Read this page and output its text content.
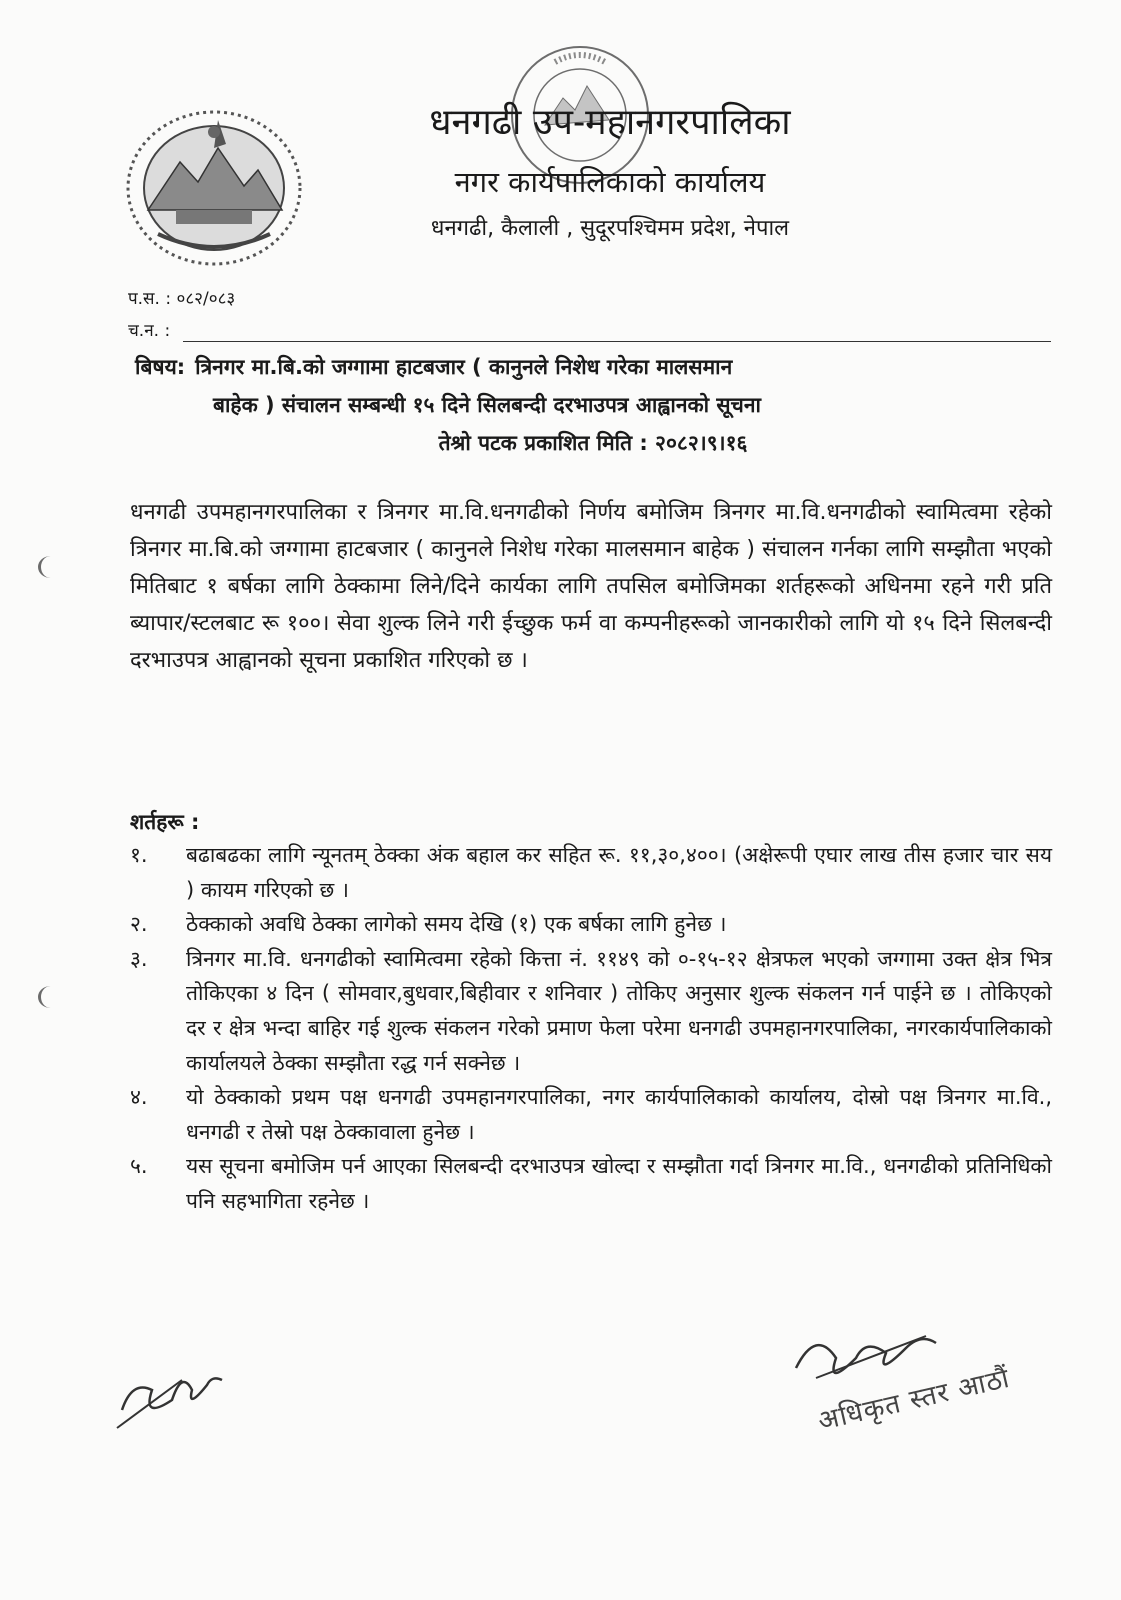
धनगढी उप-महानगरपालिका
नगर कार्यपालिकाको कार्यालय
धनगढी, कैलाली , सुदूरपश्चिमम प्रदेश, नेपाल
प.स. : ०८२/०८३
च.न. :
बिषय: त्रिनगर मा.बि.को जग्गामा हाटबजार ( कानुनले निशेध गरेका मालसमान
बाहेक ) संचालन सम्बन्धी १५ दिने सिलबन्दी दरभाउपत्र आह्वानको सूचना
तेश्रो पटक प्रकाशित मिति : २०८२।९।१६
धनगढी उपमहानगरपालिका र त्रिनगर मा.वि.धनगढीको निर्णय बमोजिम त्रिनगर मा.वि.धनगढीको स्वामित्वमा रहेको त्रिनगर मा.बि.को जग्गामा हाटबजार ( कानुनले निशेध गरेका मालसमान बाहेक ) संचालन गर्नका लागि सम्झौता भएको मितिबाट १ बर्षका लागि ठेक्कामा लिने/दिने कार्यका लागि तपसिल बमोजिमका शर्तहरूको अधिनमा रहने गरी प्रति ब्यापार/स्टलबाट रू १००। सेवा शुल्क लिने गरी ईच्छुक फर्म वा कम्पनीहरूको जानकारीको लागि यो १५ दिने सिलबन्दी दरभाउपत्र आह्वानको सूचना प्रकाशित गरिएको छ ।
शर्तहरू :
१.	बढाबढका लागि न्यूनतम् ठेक्का अंक बहाल कर सहित रू. ११,३०,४००। (अक्षेरूपी एघार लाख तीस हजार चार सय ) कायम गरिएको छ ।
२.	ठेक्काको अवधि ठेक्का लागेको समय देखि (१) एक बर्षका लागि हुनेछ ।
३.	त्रिनगर मा.वि. धनगढीको स्वामित्वमा रहेको कित्ता नं. ११४९ को ०-१५-१२ क्षेत्रफल भएको जग्गामा उक्त क्षेत्र भित्र तोकिएका ४ दिन ( सोमवार,बुधवार,बिहीवार र शनिवार ) तोकिए अनुसार शुल्क संकलन गर्न पाईने छ । तोकिएको दर र क्षेत्र भन्दा बाहिर गई शुल्क संकलन गरेको प्रमाण फेला परेमा धनगढी उपमहानगरपालिका, नगरकार्यपालिकाको कार्यालयले ठेक्का सम्झौता रद्ध गर्न सक्नेछ ।
४.	यो ठेक्काको प्रथम पक्ष धनगढी उपमहानगरपालिका, नगर कार्यपालिकाको कार्यालय, दोस्रो पक्ष त्रिनगर मा.वि., धनगढी र तेस्रो पक्ष ठेक्कावाला हुनेछ ।
५.	यस सूचना बमोजिम पर्न आएका सिलबन्दी दरभाउपत्र खोल्दा र सम्झौता गर्दा त्रिनगर मा.वि., धनगढीको प्रतिनिधिको पनि सहभागिता रहनेछ ।
अधिकृत स्तर आठौं
